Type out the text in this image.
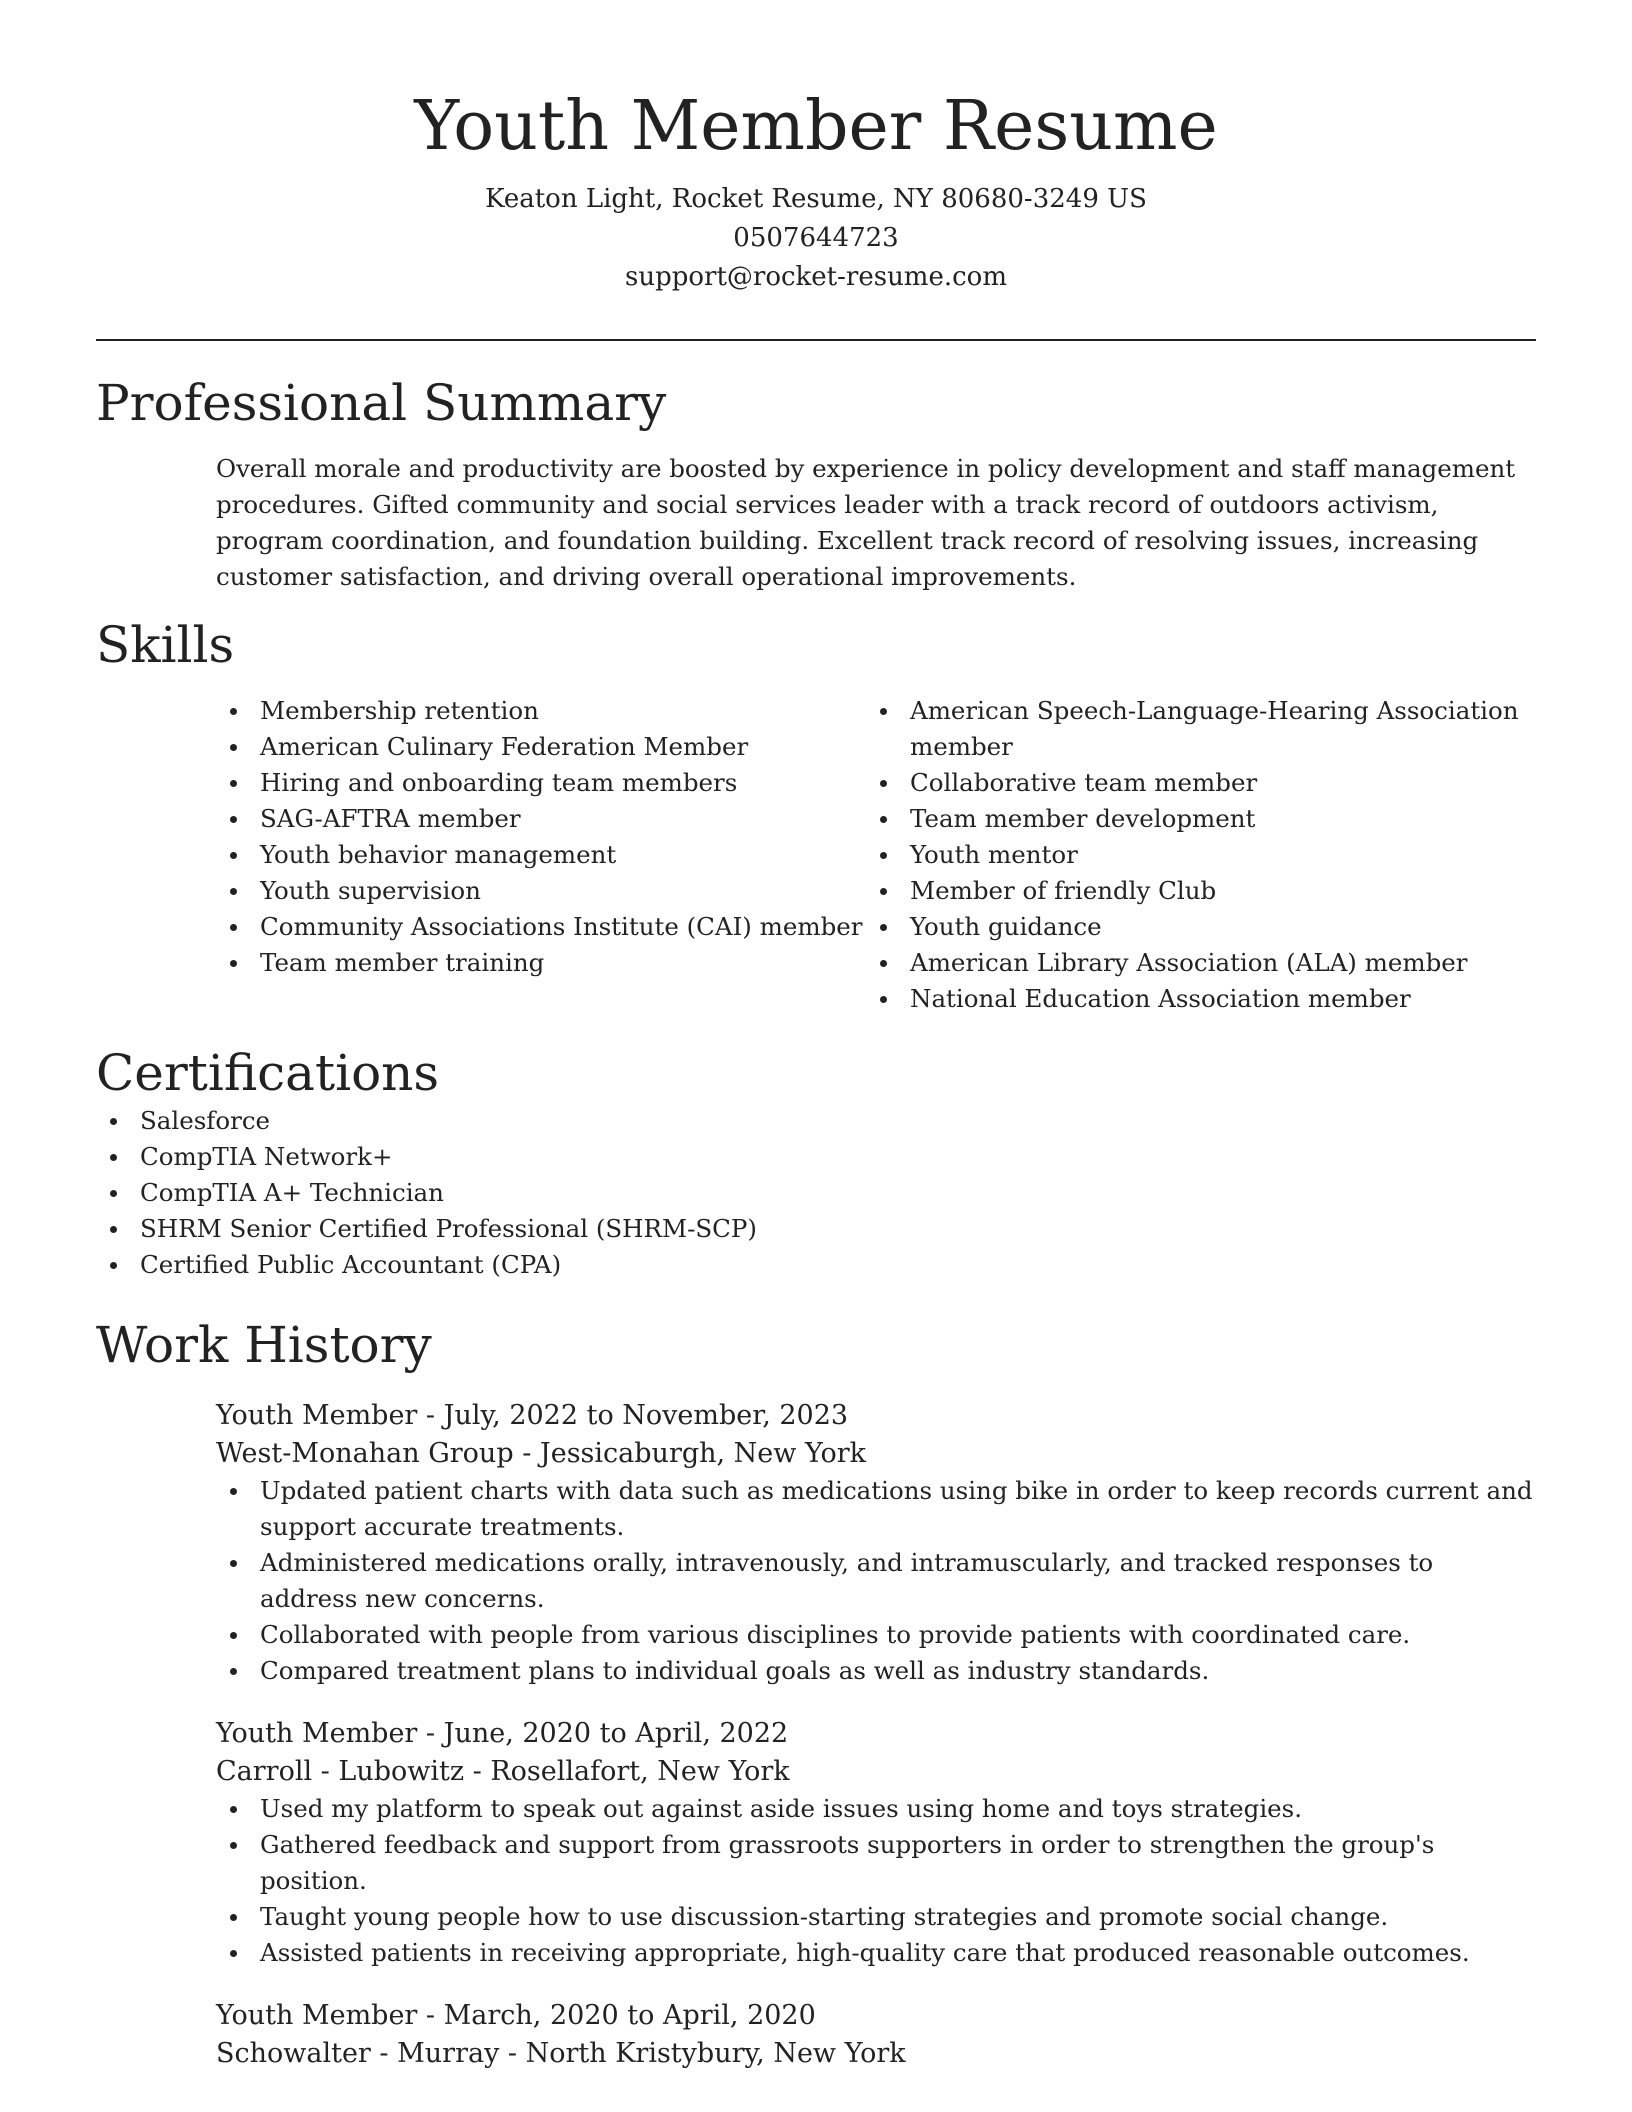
Youth Member Resume
Keaton Light, Rocket Resume, NY 80680-3249 US
0507644723
support@rocket-resume.com
Professional Summary
Overall morale and productivity are boosted by experience in policy development and staff management procedures. Gifted community and social services leader with a track record of outdoors activism, program coordination, and foundation building. Excellent track record of resolving issues, increasing customer satisfaction, and driving overall operational improvements.
Skills
Membership retention
American Culinary Federation Member
Hiring and onboarding team members
SAG-AFTRA member
Youth behavior management
Youth supervision
Community Associations Institute (CAI) member
Team member training
American Speech-Language-Hearing Association member
Collaborative team member
Team member development
Youth mentor
Member of friendly Club
Youth guidance
American Library Association (ALA) member
National Education Association member
Certifications
Salesforce
CompTIA Network+
CompTIA A+ Technician
SHRM Senior Certified Professional (SHRM-SCP)
Certified Public Accountant (CPA)
Work History
Youth Member - July, 2022 to November, 2023
West-Monahan Group - Jessicaburgh, New York
Updated patient charts with data such as medications using bike in order to keep records current and support accurate treatments.
Administered medications orally, intravenously, and intramuscularly, and tracked responses to address new concerns.
Collaborated with people from various disciplines to provide patients with coordinated care.
Compared treatment plans to individual goals as well as industry standards.
Youth Member - June, 2020 to April, 2022
Carroll - Lubowitz - Rosellafort, New York
Used my platform to speak out against aside issues using home and toys strategies.
Gathered feedback and support from grassroots supporters in order to strengthen the group's position.
Taught young people how to use discussion-starting strategies and promote social change.
Assisted patients in receiving appropriate, high-quality care that produced reasonable outcomes.
Youth Member - March, 2020 to April, 2020
Schowalter - Murray - North Kristybury, New York
